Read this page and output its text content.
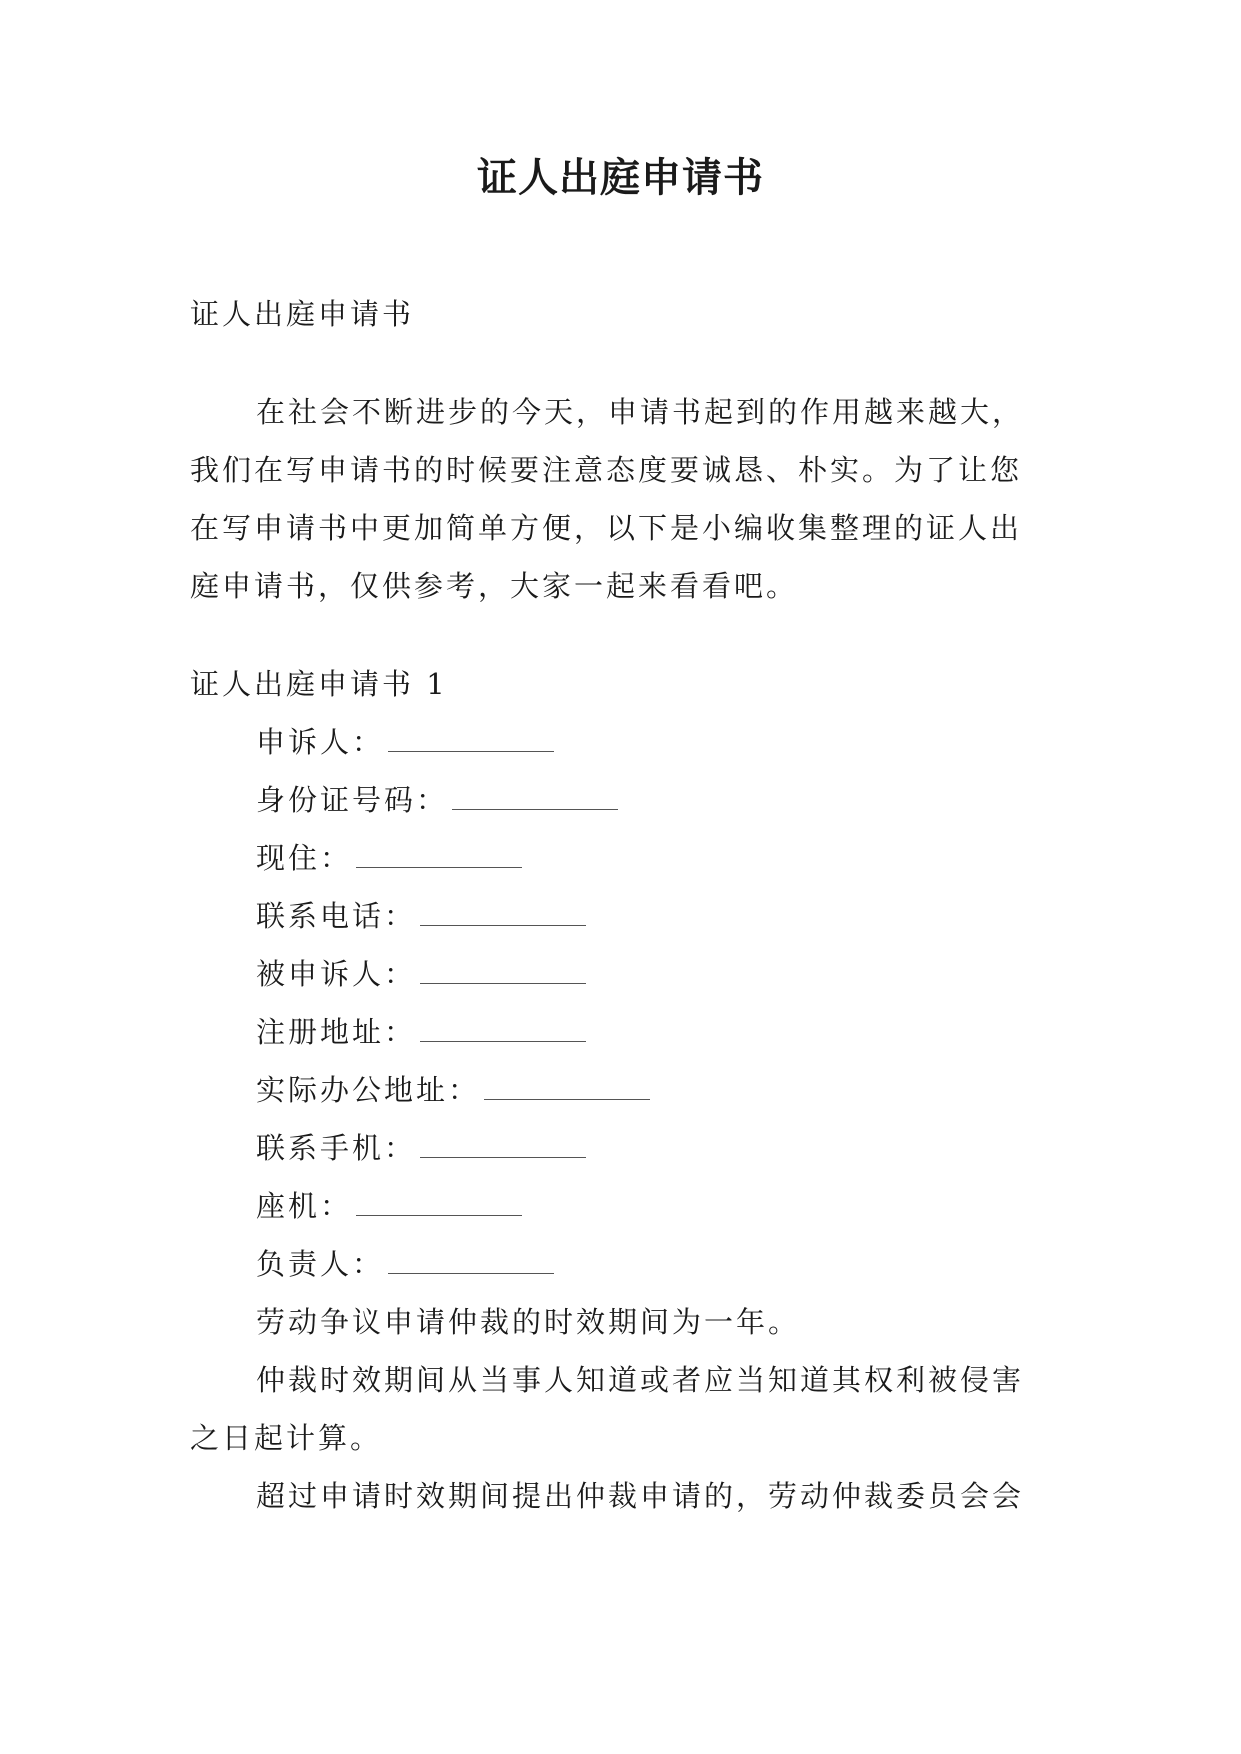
证人出庭申请书

证人出庭申请书

在社会不断进步的今天，申请书起到的作用越来越大，我们在写申请书的时候要注意态度要诚恳、朴实。为了让您在写申请书中更加简单方便，以下是小编收集整理的证人出庭申请书，仅供参考，大家一起来看看吧。

证人出庭申请书 1

申诉人：

身份证号码：

现住：

联系电话：

被申诉人：

注册地址：

实际办公地址：

联系手机：

座机：

负责人：

劳动争议申请仲裁的时效期间为一年。

仲裁时效期间从当事人知道或者应当知道其权利被侵害之日起计算。

超过申请时效期间提出仲裁申请的，劳动仲裁委员会会
